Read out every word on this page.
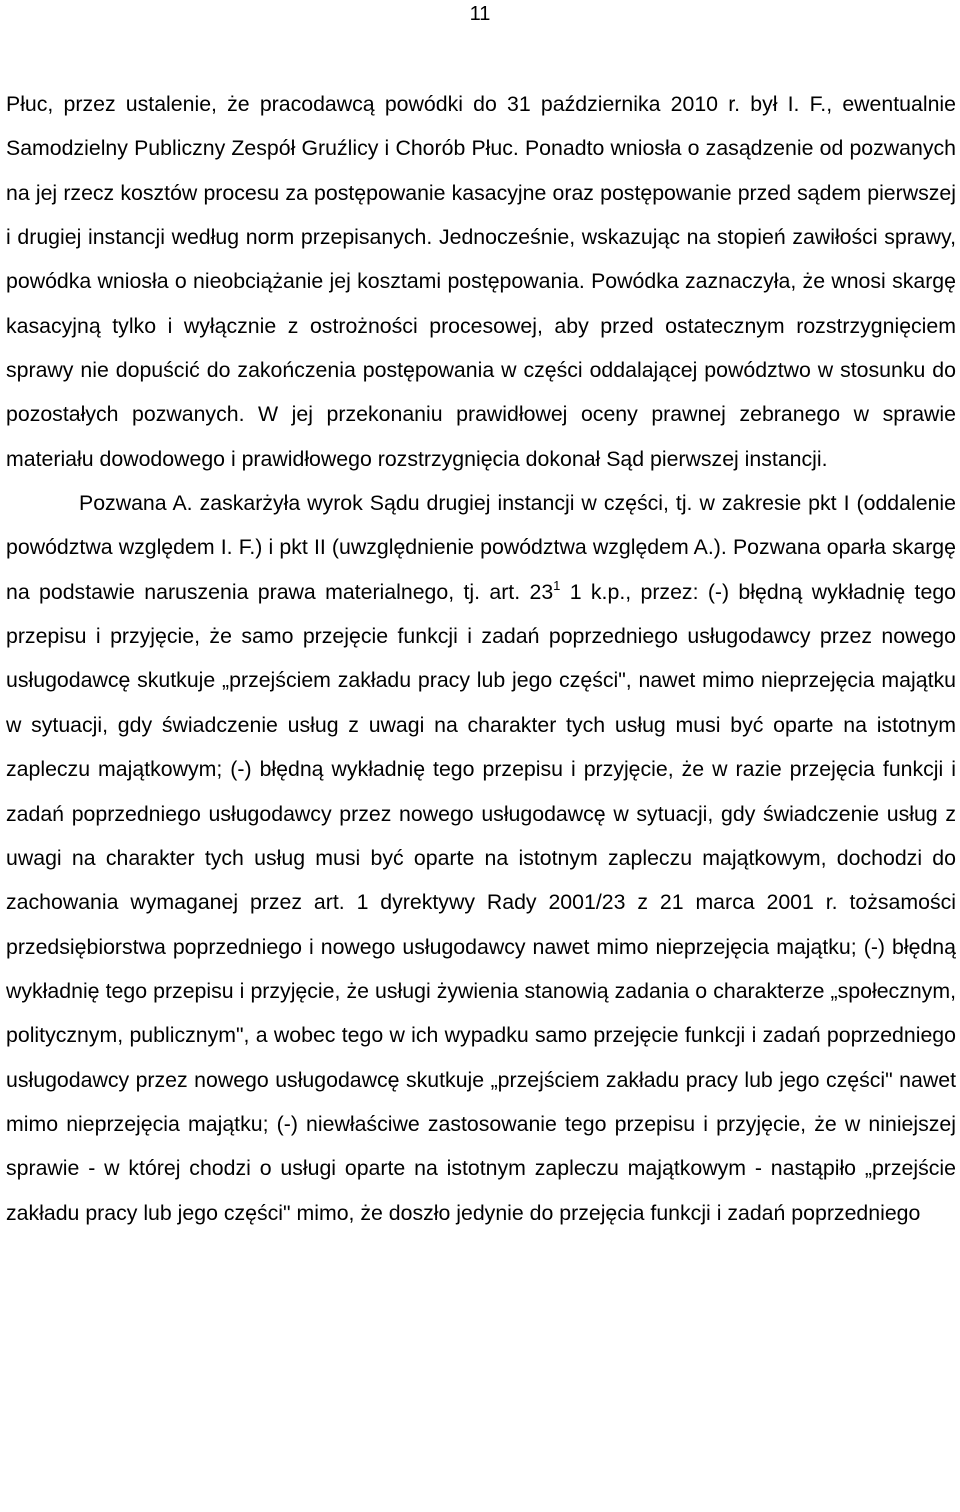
11

Płuc, przez ustalenie, że pracodawcą powódki do 31 października 2010 r. był I. F., ewentualnie Samodzielny Publiczny Zespół Gruźlicy i Chorób Płuc. Ponadto wniosła o zasądzenie od pozwanych na jej rzecz kosztów procesu za postępowanie kasacyjne oraz postępowanie przed sądem pierwszej i drugiej instancji według norm przepisanych. Jednocześnie, wskazując na stopień zawiłości sprawy, powódka wniosła o nieobciążanie jej kosztami postępowania. Powódka zaznaczyła, że wnosi skargę kasacyjną tylko i wyłącznie z ostrożności procesowej, aby przed ostatecznym rozstrzygnięciem sprawy nie dopuścić do zakończenia postępowania w części oddalającej powództwo w stosunku do pozostałych pozwanych. W jej przekonaniu prawidłowej oceny prawnej zebranego w sprawie materiału dowodowego i prawidłowego rozstrzygnięcia dokonał Sąd pierwszej instancji.

Pozwana A. zaskarżyła wyrok Sądu drugiej instancji w części, tj. w zakresie pkt I (oddalenie powództwa względem I. F.) i pkt II (uwzględnienie powództwa względem A.). Pozwana oparła skargę na podstawie naruszenia prawa materialnego, tj. art. $23^1$ 1 k.p., przez: (-) błędną wykładnię tego przepisu i przyjęcie, że samo przejęcie funkcji i zadań poprzedniego usługodawcy przez nowego usługodawcę skutkuje „przejściem zakładu pracy lub jego części", nawet mimo nieprzejęcia majątku w sytuacji, gdy świadczenie usług z uwagi na charakter tych usług musi być oparte na istotnym zapleczu majątkowym; (-) błędną wykładnię tego przepisu i przyjęcie, że w razie przejęcia funkcji i zadań poprzedniego usługodawcy przez nowego usługodawcę w sytuacji, gdy świadczenie usług z uwagi na charakter tych usług musi być oparte na istotnym zapleczu majątkowym, dochodzi do zachowania wymaganej przez art. 1 dyrektywy Rady 2001/23 z 21 marca 2001 r. tożsamości przedsiębiorstwa poprzedniego i nowego usługodawcy nawet mimo nieprzejęcia majątku; (-) błędną wykładnię tego przepisu i przyjęcie, że usługi żywienia stanowią zadania o charakterze „społecznym, politycznym, publicznym", a wobec tego w ich wypadku samo przejęcie funkcji i zadań poprzedniego usługodawcy przez nowego usługodawcę skutkuje „przejściem zakładu pracy lub jego części" nawet mimo nieprzejęcia majątku; (-) niewłaściwe zastosowanie tego przepisu i przyjęcie, że w niniejszej sprawie - w której chodzi o usługi oparte na istotnym zapleczu majątkowym - nastąpiło „przejście zakładu pracy lub jego części" mimo, że doszło jedynie do przejęcia funkcji i zadań poprzedniego
